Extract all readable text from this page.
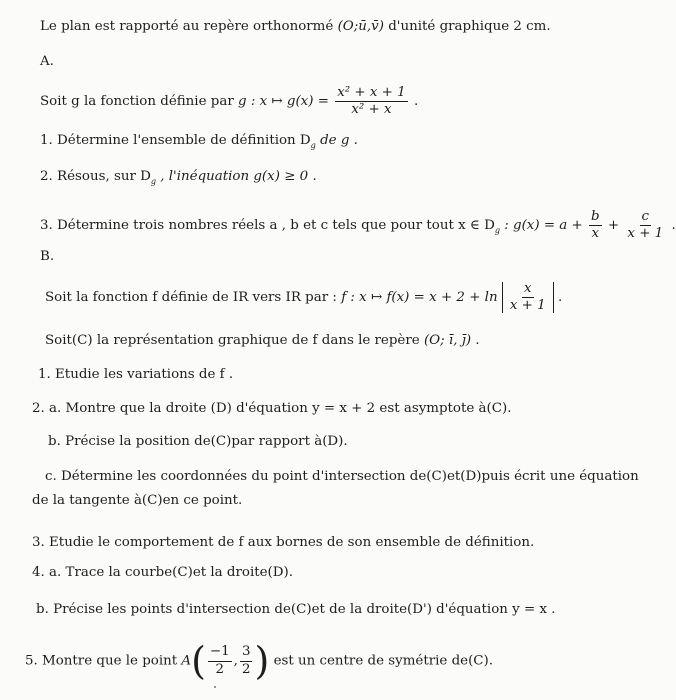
Le plan est rapporté au repère orthonormé (O;ū,v̄) d'unité graphique 2 cm.
A.
Soit g la fonction définie par g : x ↦ $g(x) = \frac{\text{x² + x + 1}}{\text{x² + x}}$ .
1. Détermine l'ensemble de définition $D_g$ de g .
2. Résous, sur $D_g$ , l'inéquation g(x) ≥ 0 .
3. Détermine trois nombres réels a , b et c tels que pour tout x ∈ $D_g$ : $g(x) = a + \frac{b}{x} + \frac{c}{x + 1}$ .
B.
Soit la fonction f définie de IR vers IR par : f : x ↦ $f(x) = x + 2 + \ln \frac{x}{x + 1}$ .
Soit(C) la représentation graphique de f dans le repère (O; ī, j̄) .
1. Etudie les variations de f .
2. a. Montre que la droite (D) d'équation y = x + 2 est asymptote à(C).
b. Précise la position de(C)par rapport à(D).
c. Détermine les coordonnées du point d'intersection de(C)et(D)puis écrit une équation
de la tangente à(C)en ce point.
3. Etudie le comportement de f aux bornes de son ensemble de définition.
4. a. Trace la courbe(C)et la droite(D).
b. Précise les points d'intersection de(C)et de la droite(D') d'équation y = x .
5. Montre que le point $A( \frac{-1}{2}$ , $\frac{3}{2}$ ) est un centre de symétrie de(C).
